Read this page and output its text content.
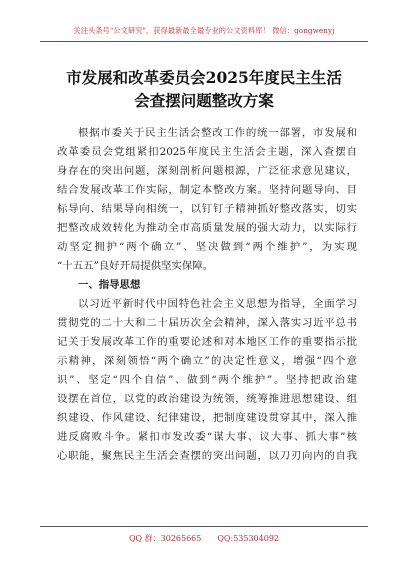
关注头条号"公文研究"，获得最新最全最专业的公文资料库！ 微信：gongwenyj
市发展和改革委员会2025年度民主生活
会查摆问题整改方案
根据市委关于民主生活会整改工作的统一部署，市发展和
改革委员会党组紧扣2025年度民主生活会主题，深入查摆自
身存在的突出问题，深刻剖析问题根源，广泛征求意见建议，
结合发展改革工作实际，制定本整改方案。坚持问题导向、目
标导向、结果导向相统一，以钉钉子精神抓好整改落实，切实
把整改成效转化为推动全市高质量发展的强大动力，以实际行
动坚定拥护“两个确立”、坚决做到“两个维护”，为实现
“十五五”良好开局提供坚实保障。
一、指导思想
以习近平新时代中国特色社会主义思想为指导，全面学习
贯彻党的二十大和二十届历次全会精神，深入落实习近平总书
记关于发展改革工作的重要论述和对本地区工作的重要指示批
示精神，深刻领悟“两个确立”的决定性意义，增强“四个意
识”、坚定“四个自信”、做到“两个维护”。坚持把政治建
设摆在首位，以党的政治建设为统领，统筹推进思想建设、组
织建设、作风建设、纪律建设，把制度建设贯穿其中，深入推
进反腐败斗争。紧扣市发改委“谋大事、议大事、抓大事”核
心职能，聚焦民主生活会查摆的突出问题，以刀刃向内的自我
QQ 群：30265665 QQ:535304092
